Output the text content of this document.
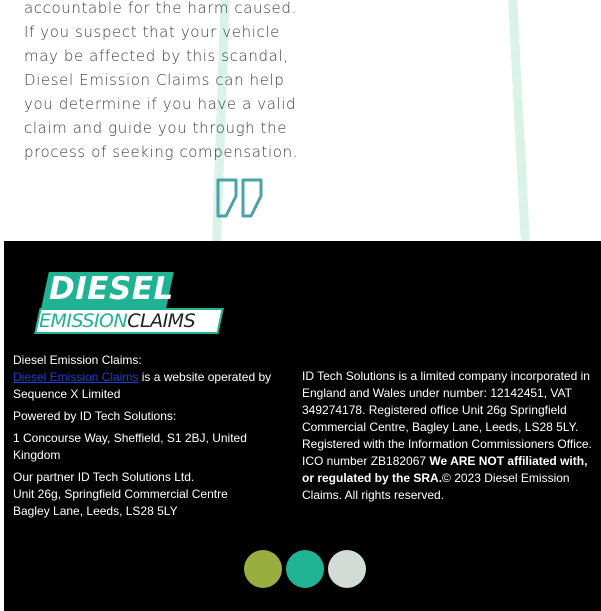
accountable for the harm caused.
If you suspect that your vehicle
may be affected by this scandal,
Diesel Emission Claims can help
you determine if you have a valid
claim and guide you through the
process of seeking compensation.
DIESEL
EMISSIONCLAIMS

Diesel Emission Claims:

Diesel Emission Claims is a website operated by Sequence X Limited

Powered by ID Tech Solutions:

1 Concourse Way, Sheffield, S1 2BJ, United Kingdom

Our partner ID Tech Solutions Ltd.
Unit 26g, Springfield Commercial Centre
Bagley Lane, Leeds, LS28 5LY

ID Tech Solutions is a limited company incorporated in England and Wales under number: 12142451, VAT 349274178. Registered office Unit 26g Springfield Commercial Centre, Bagley Lane, Leeds, LS28 5LY. Registered with the Information Commissioners Office. ICO number ZB182067 We ARE NOT affiliated with, or regulated by the SRA.© 2023 Diesel Emission Claims. All rights reserved.
